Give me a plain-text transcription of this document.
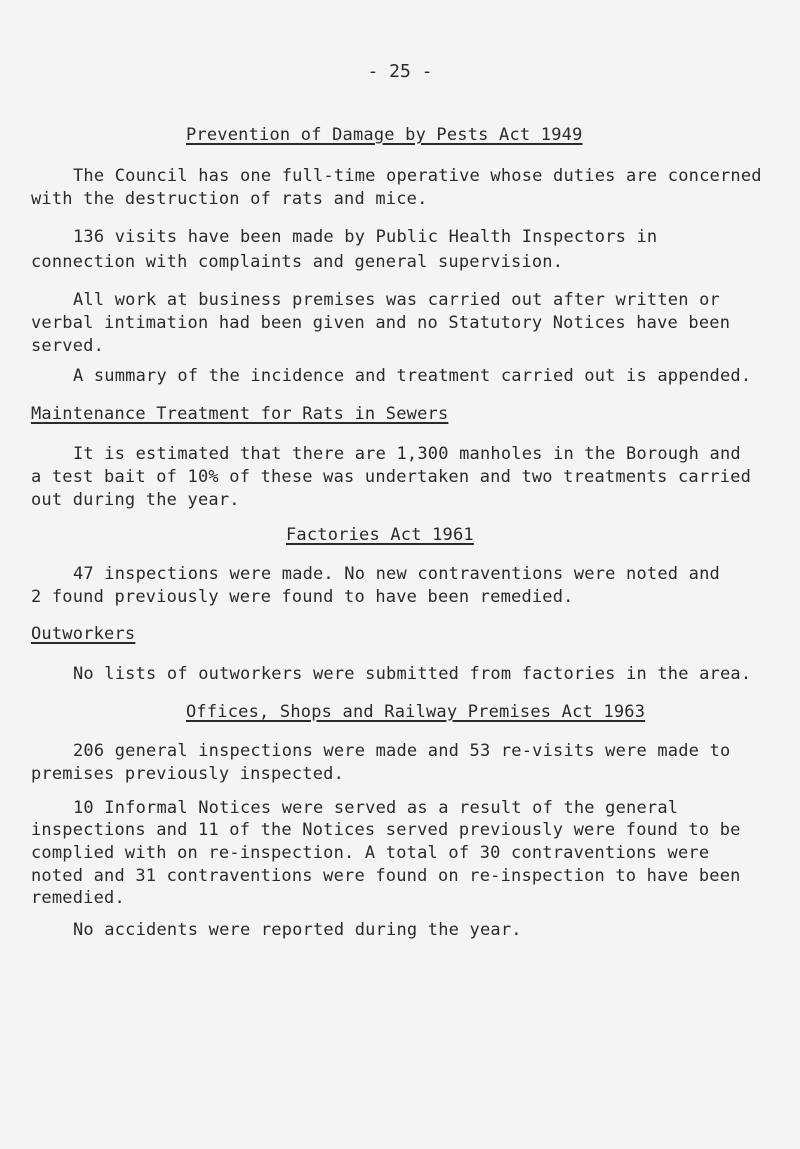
- 25 -
Prevention of Damage by Pests Act 1949
The Council has one full-time operative whose duties are concerned
with the destruction of rats and mice.
136 visits have been made by Public Health Inspectors in
connection with complaints and general supervision.
All work at business premises was carried out after written or
verbal intimation had been given and no Statutory Notices have been
served.
A summary of the incidence and treatment carried out is appended.
Maintenance Treatment for Rats in Sewers
It is estimated that there are 1,300 manholes in the Borough and
a test bait of 10% of these was undertaken and two treatments carried
out during the year.
Factories Act 1961
47 inspections were made. No new contraventions were noted and
2 found previously were found to have been remedied.
Outworkers
No lists of outworkers were submitted from factories in the area.
Offices, Shops and Railway Premises Act 1963
206 general inspections were made and 53 re-visits were made to
premises previously inspected.
10 Informal Notices were served as a result of the general
inspections and 11 of the Notices served previously were found to be
complied with on re-inspection. A total of 30 contraventions were
noted and 31 contraventions were found on re-inspection to have been
remedied.
No accidents were reported during the year.
